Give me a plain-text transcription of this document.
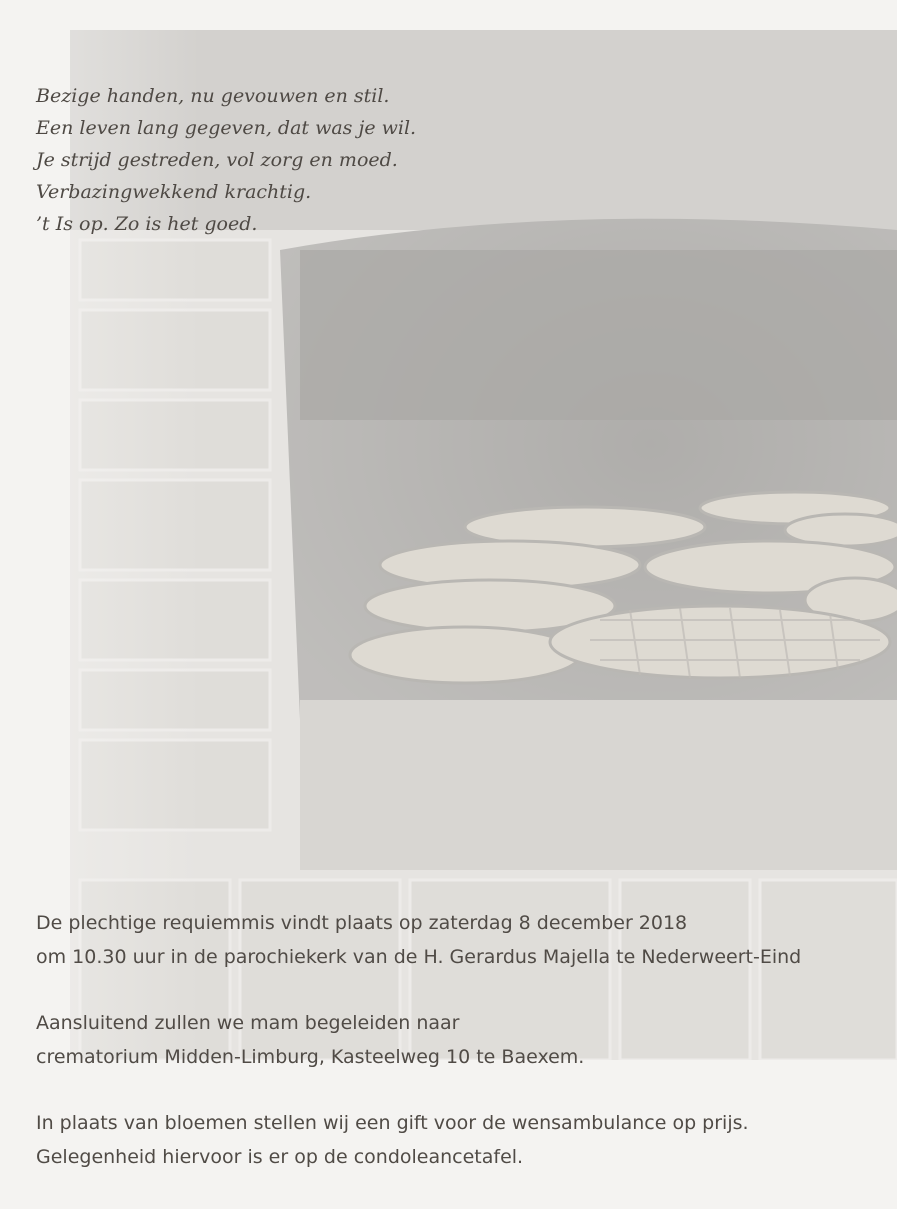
Bezige handen, nu gevouwen en stil.
Een leven lang gegeven, dat was je wil.
Je strijd gestreden, vol zorg en moed.
Verbazingwekkend krachtig.
’t Is op. Zo is het goed.

De plechtige requiemmis vindt plaats op zaterdag 8 december 2018
om 10.30 uur in de parochiekerk van de H. Gerardus Majella te Nederweert-Eind

Aansluitend zullen we mam begeleiden naar
crematorium Midden-Limburg, Kasteelweg 10 te Baexem.

In plaats van bloemen stellen wij een gift voor de wensambulance op prijs.
Gelegenheid hiervoor is er op de condoleancetafel.
